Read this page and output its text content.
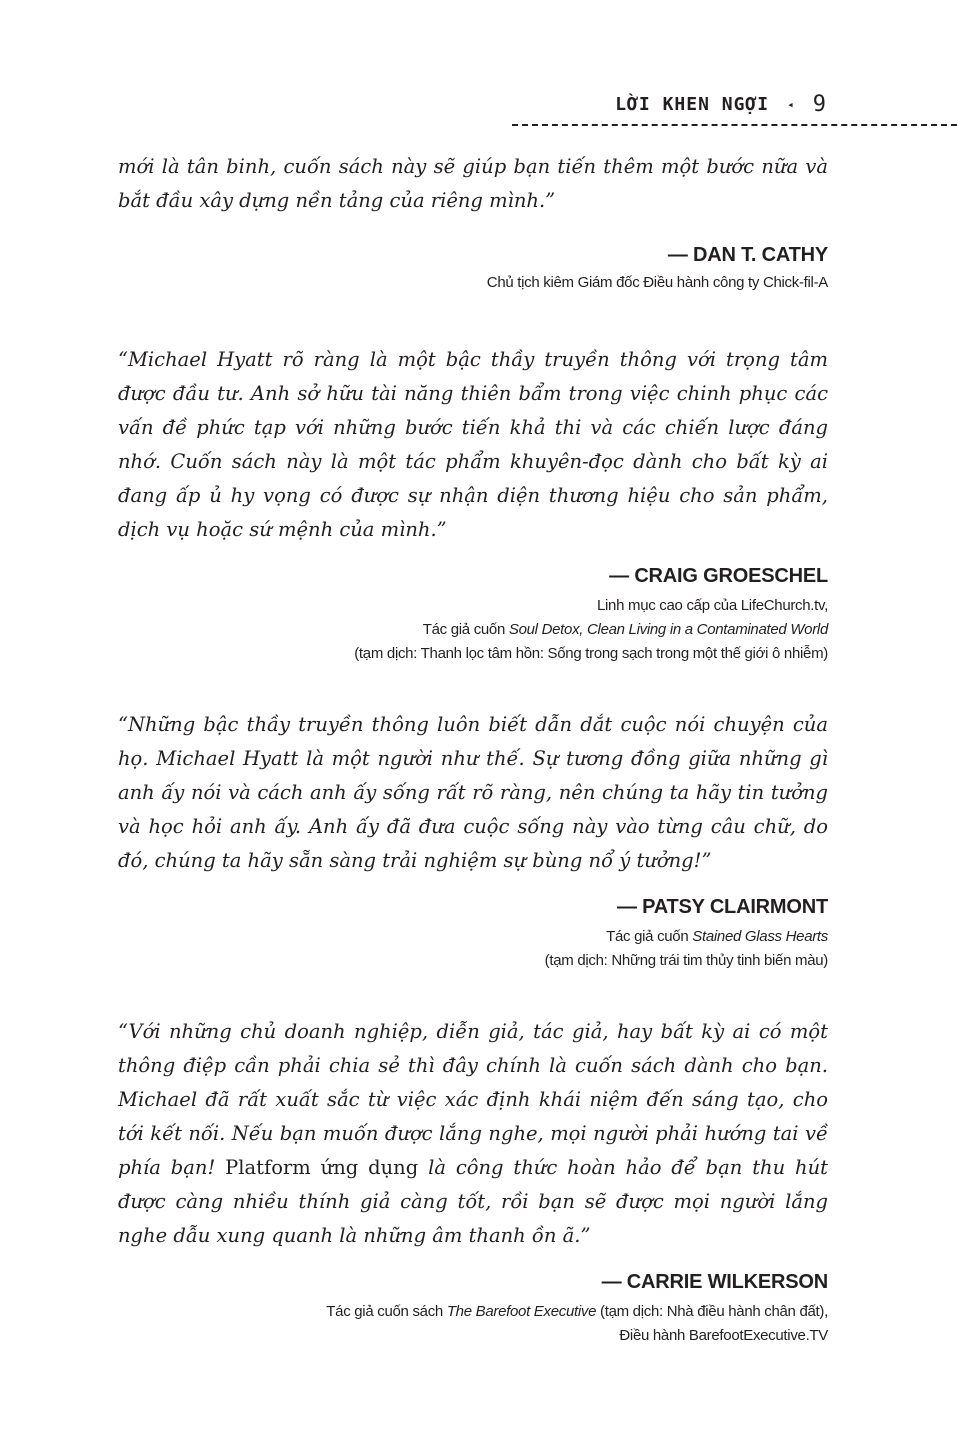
LỜI KHEN NGỢI ◂ 9

mới là tân binh, cuốn sách này sẽ giúp bạn tiến thêm một bước nữa và bắt đầu xây dựng nền tảng của riêng mình.”

— DAN T. CATHY

Chủ tịch kiêm Giám đốc Điều hành công ty Chick-fil-A

“Michael Hyatt rõ ràng là một bậc thầy truyền thông với trọng tâm được đầu tư. Anh sở hữu tài năng thiên bẩm trong việc chinh phục các vấn đề phức tạp với những bước tiến khả thi và các chiến lược đáng nhớ. Cuốn sách này là một tác phẩm khuyên-đọc dành cho bất kỳ ai đang ấp ủ hy vọng có được sự nhận diện thương hiệu cho sản phẩm, dịch vụ hoặc sứ mệnh của mình.”

— CRAIG GROESCHEL

Linh mục cao cấp của LifeChurch.tv,

Tác giả cuốn Soul Detox, Clean Living in a Contaminated World

(tạm dịch: Thanh lọc tâm hồn: Sống trong sạch trong một thế giới ô nhiễm)

“Những bậc thầy truyền thông luôn biết dẫn dắt cuộc nói chuyện của họ. Michael Hyatt là một người như thế. Sự tương đồng giữa những gì anh ấy nói và cách anh ấy sống rất rõ ràng, nên chúng ta hãy tin tưởng và học hỏi anh ấy. Anh ấy đã đưa cuộc sống này vào từng câu chữ, do đó, chúng ta hãy sẵn sàng trải nghiệm sự bùng nổ ý tưởng!”

— PATSY CLAIRMONT

Tác giả cuốn Stained Glass Hearts

(tạm dịch: Những trái tim thủy tinh biến màu)

“Với những chủ doanh nghiệp, diễn giả, tác giả, hay bất kỳ ai có một thông điệp cần phải chia sẻ thì đây chính là cuốn sách dành cho bạn. Michael đã rất xuất sắc từ việc xác định khái niệm đến sáng tạo, cho tới kết nối. Nếu bạn muốn được lắng nghe, mọi người phải hướng tai về phía bạn! Platform ứng dụng là công thức hoàn hảo để bạn thu hút được càng nhiều thính giả càng tốt, rồi bạn sẽ được mọi người lắng nghe dẫu xung quanh là những âm thanh ồn ã.”

— CARRIE WILKERSON

Tác giả cuốn sách The Barefoot Executive (tạm dịch: Nhà điều hành chân đất),

Điều hành BarefootExecutive.TV
